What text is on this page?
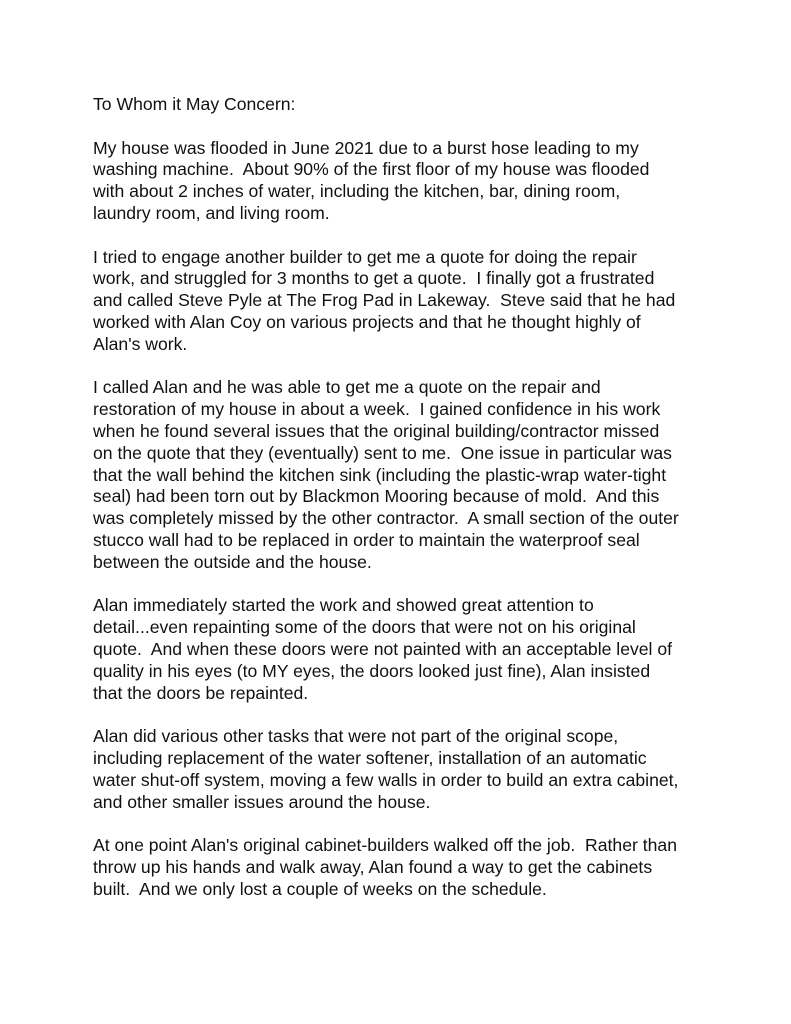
To Whom it May Concern:
My house was flooded in June 2021 due to a burst hose leading to my
washing machine.  About 90% of the first floor of my house was flooded
with about 2 inches of water, including the kitchen, bar, dining room,
laundry room, and living room.
I tried to engage another builder to get me a quote for doing the repair
work, and struggled for 3 months to get a quote.  I finally got a frustrated
and called Steve Pyle at The Frog Pad in Lakeway.  Steve said that he had
worked with Alan Coy on various projects and that he thought highly of
Alan's work.
I called Alan and he was able to get me a quote on the repair and
restoration of my house in about a week.  I gained confidence in his work
when he found several issues that the original building/contractor missed
on the quote that they (eventually) sent to me.  One issue in particular was
that the wall behind the kitchen sink (including the plastic-wrap water-tight
seal) had been torn out by Blackmon Mooring because of mold.  And this
was completely missed by the other contractor.  A small section of the outer
stucco wall had to be replaced in order to maintain the waterproof seal
between the outside and the house.
Alan immediately started the work and showed great attention to
detail...even repainting some of the doors that were not on his original
quote.  And when these doors were not painted with an acceptable level of
quality in his eyes (to MY eyes, the doors looked just fine), Alan insisted
that the doors be repainted.
Alan did various other tasks that were not part of the original scope,
including replacement of the water softener, installation of an automatic
water shut-off system, moving a few walls in order to build an extra cabinet,
and other smaller issues around the house.
At one point Alan's original cabinet-builders walked off the job.  Rather than
throw up his hands and walk away, Alan found a way to get the cabinets
built.  And we only lost a couple of weeks on the schedule.
